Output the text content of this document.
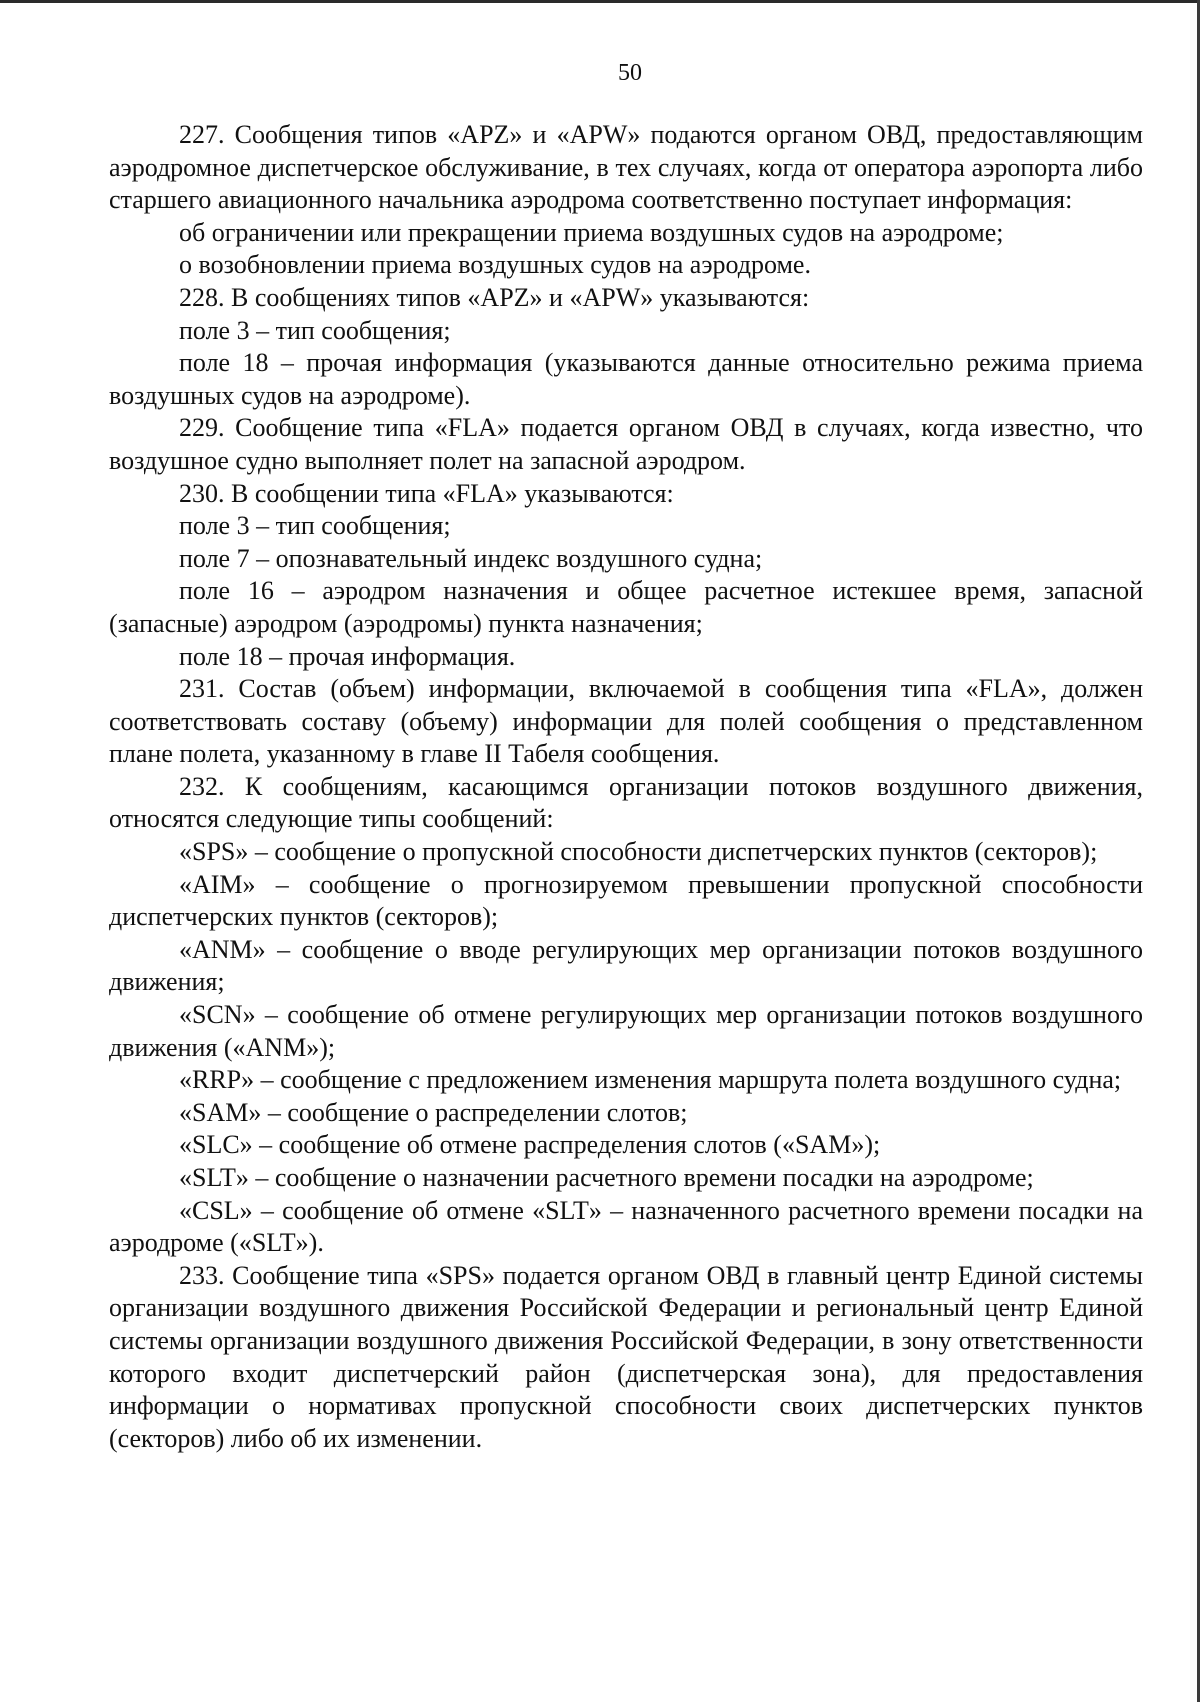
50

227. Сообщения типов «APZ» и «APW» подаются органом ОВД, предоставляющим аэродромное диспетчерское обслуживание, в тех случаях, когда от оператора аэропорта либо старшего авиационного начальника аэродрома соответственно поступает информация:

об ограничении или прекращении приема воздушных судов на аэродроме;

о возобновлении приема воздушных судов на аэродроме.

228. В сообщениях типов «APZ» и «APW» указываются:

поле 3 – тип сообщения;

поле 18 – прочая информация (указываются данные относительно режима приема воздушных судов на аэродроме).

229. Сообщение типа «FLA» подается органом ОВД в случаях, когда известно, что воздушное судно выполняет полет на запасной аэродром.

230. В сообщении типа «FLA» указываются:

поле 3 – тип сообщения;

поле 7 – опознавательный индекс воздушного судна;

поле 16 – аэродром назначения и общее расчетное истекшее время, запасной (запасные) аэродром (аэродромы) пункта назначения;

поле 18 – прочая информация.

231. Состав (объем) информации, включаемой в сообщения типа «FLA», должен соответствовать составу (объему) информации для полей сообщения о представленном плане полета, указанному в главе II Табеля сообщения.

232. К сообщениям, касающимся организации потоков воздушного движения, относятся следующие типы сообщений:

«SPS» – сообщение о пропускной способности диспетчерских пунктов (секторов);

«AIM» – сообщение о прогнозируемом превышении пропускной способности диспетчерских пунктов (секторов);

«ANM» – сообщение о вводе регулирующих мер организации потоков воздушного движения;

«SCN» – сообщение об отмене регулирующих мер организации потоков воздушного движения («ANM»);

«RRP» – сообщение с предложением изменения маршрута полета воздушного судна;

«SAM» – сообщение о распределении слотов;

«SLC» – сообщение об отмене распределения слотов («SAM»);

«SLT» – сообщение о назначении расчетного времени посадки на аэродроме;

«CSL» – сообщение об отмене «SLT» – назначенного расчетного времени посадки на аэродроме («SLT»).

233. Сообщение типа «SPS» подается органом ОВД в главный центр Единой системы организации воздушного движения Российской Федерации и региональный центр Единой системы организации воздушного движения Российской Федерации, в зону ответственности которого входит диспетчерский район (диспетчерская зона), для предоставления информации о нормативах пропускной способности своих диспетчерских пунктов (секторов) либо об их изменении.
